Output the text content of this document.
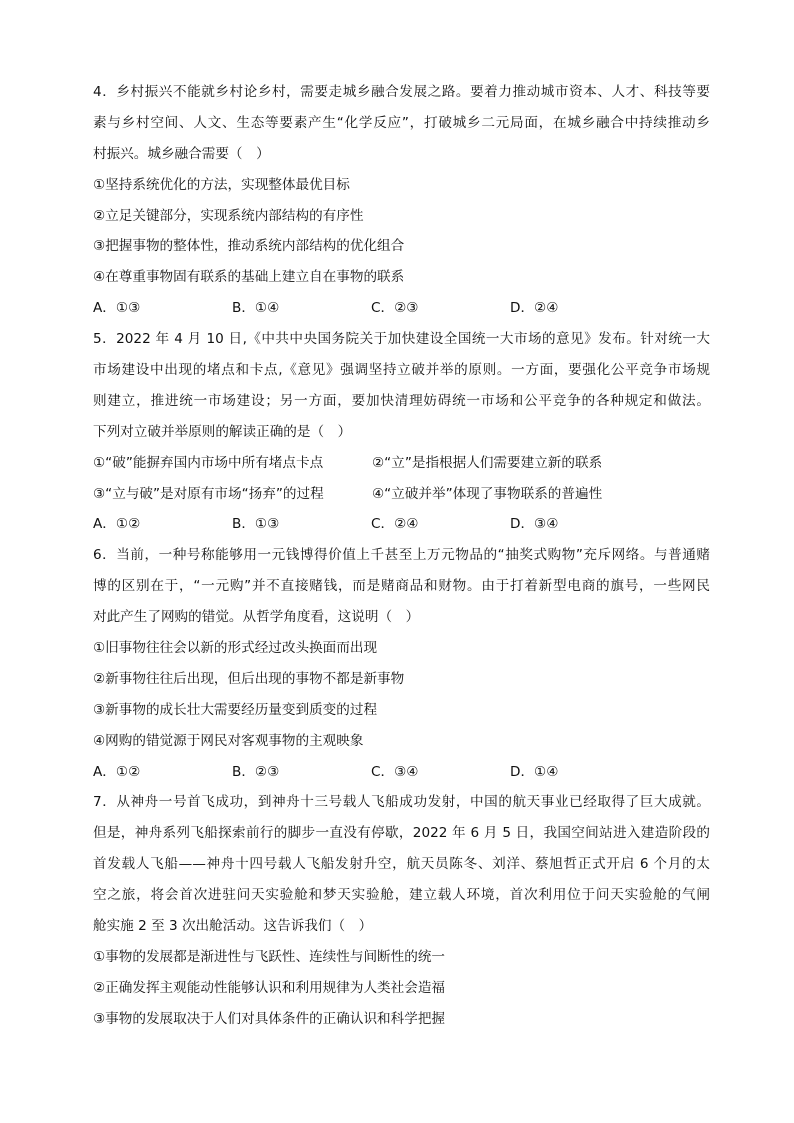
4．乡村振兴不能就乡村论乡村，需要走城乡融合发展之路。要着力推动城市资本、人才、科技等要
素与乡村空间、人文、生态等要素产生“化学反应”，打破城乡二元局面，在城乡融合中持续推动乡
村振兴。城乡融合需要（　）
①坚持系统优化的方法，实现整体最优目标
②立足关键部分，实现系统内部结构的有序性
③把握事物的整体性，推动系统内部结构的优化组合
④在尊重事物固有联系的基础上建立自在事物的联系
A．①③	B．①④	C．②③	D．②④
5．2022 年 4 月 10 日,《中共中央国务院关于加快建设全国统一大市场的意见》发布。针对统一大
市场建设中出现的堵点和卡点,《意见》强调坚持立破并举的原则。一方面，要强化公平竞争市场规
则建立，推进统一市场建设；另一方面，要加快清理妨碍统一市场和公平竞争的各种规定和做法。
下列对立破并举原则的解读正确的是（　）
①“破”能摒弃国内市场中所有堵点卡点	②“立”是指根据人们需要建立新的联系
③“立与破”是对原有市场“扬弃”的过程	④“立破并举”体现了事物联系的普遍性
A．①②	B．①③	C．②④	D．③④
6．当前，一种号称能够用一元钱博得价值上千甚至上万元物品的“抽奖式购物”充斥网络。与普通赌
博的区别在于，“一元购”并不直接赌钱，而是赌商品和财物。由于打着新型电商的旗号，一些网民
对此产生了网购的错觉。从哲学角度看，这说明（　）
①旧事物往往会以新的形式经过改头换面而出现
②新事物往往后出现，但后出现的事物不都是新事物
③新事物的成长壮大需要经历量变到质变的过程
④网购的错觉源于网民对客观事物的主观映象
A．①②	B．②③	C．③④	D．①④
7．从神舟一号首飞成功，到神舟十三号载人飞船成功发射，中国的航天事业已经取得了巨大成就。
但是，神舟系列飞船探索前行的脚步一直没有停歇，2022 年 6 月 5 日，我国空间站进入建造阶段的
首发载人飞船——神舟十四号载人飞船发射升空，航天员陈冬、刘洋、蔡旭哲正式开启 6 个月的太
空之旅，将会首次进驻问天实验舱和梦天实验舱，建立载人环境，首次利用位于问天实验舱的气闸
舱实施 2 至 3 次出舱活动。这告诉我们（　）
①事物的发展都是渐进性与飞跃性、连续性与间断性的统一
②正确发挥主观能动性能够认识和利用规律为人类社会造福
③事物的发展取决于人们对具体条件的正确认识和科学把握
